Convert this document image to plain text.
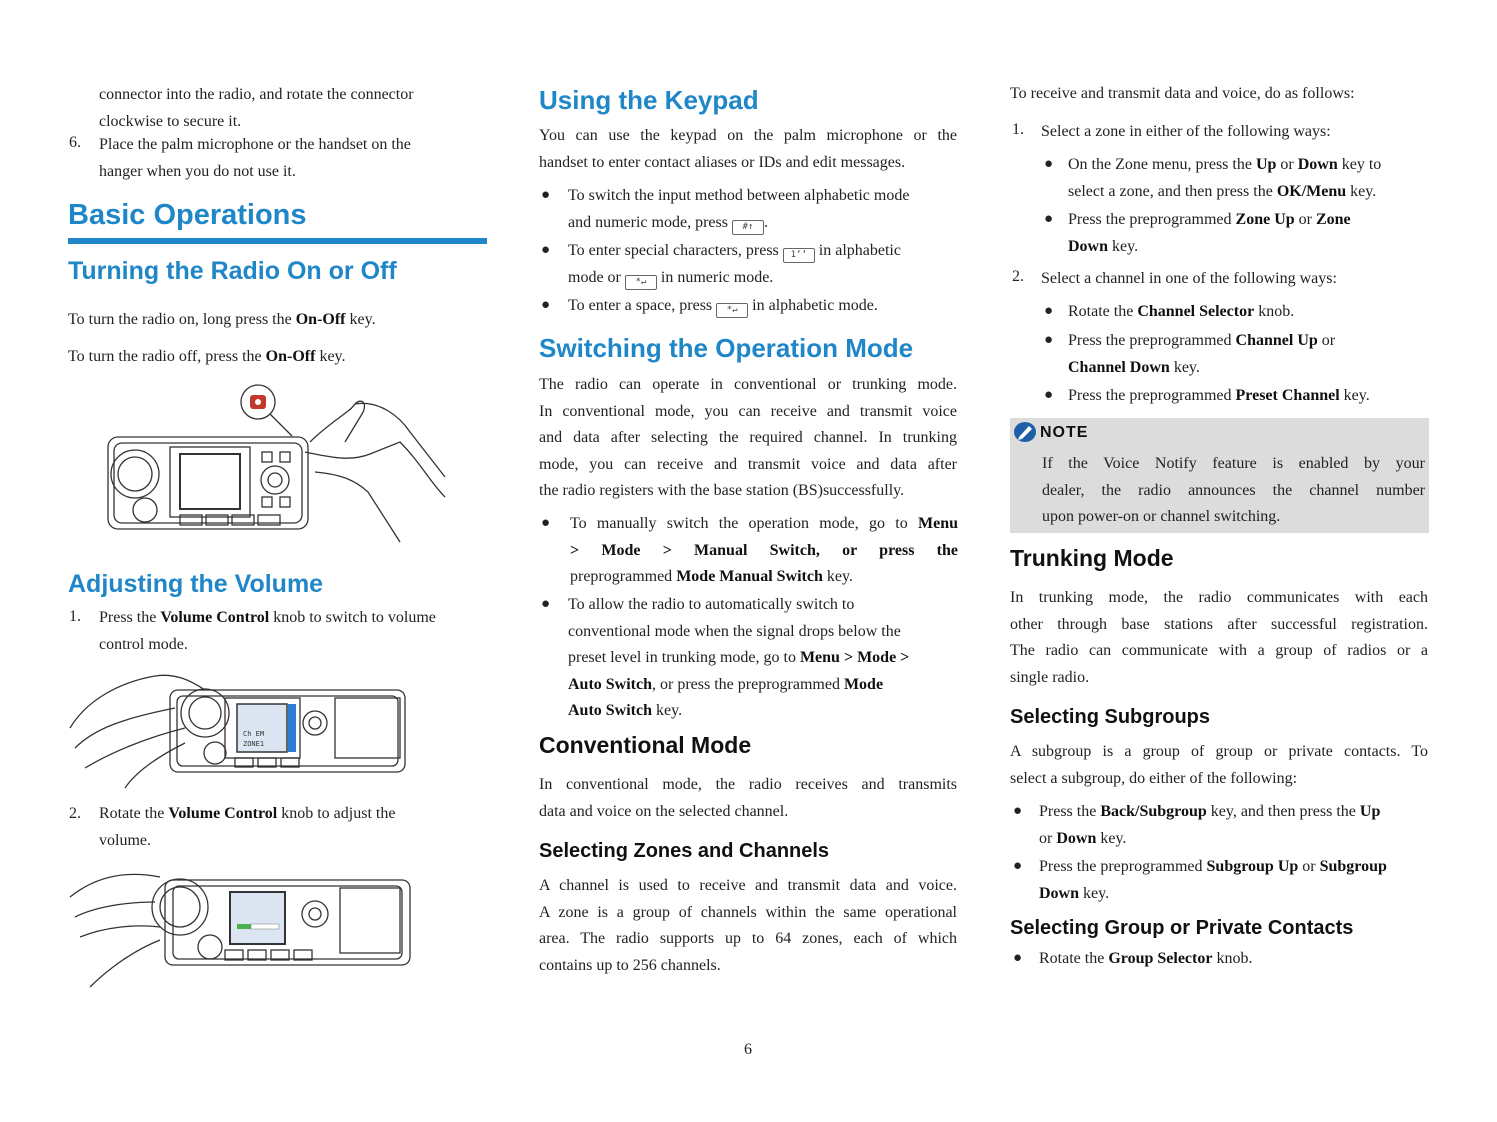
connector into the radio, and rotate the connector
clockwise to secure it.
6. Place the palm microphone or the handset on the
hanger when you do not use it.
Basic Operations
Turning the Radio On or Off
To turn the radio on, long press the On-Off key.
To turn the radio off, press the On-Off key.
Adjusting the Volume
1. Press the Volume Control knob to switch to volume
control mode.
Ch EM
ZONE1
2. Rotate the Volume Control knob to adjust the
volume.
Using the Keypad
You can use the keypad on the palm microphone or the
handset to enter contact aliases or IDs and edit messages.
● To switch the input method between alphabetic mode
and numeric mode, press #↑ .
● To enter special characters, press 1‘‘ in alphabetic
mode or *↵ in numeric mode.
● To enter a space, press *↵ in alphabetic mode.
Switching the Operation Mode
The radio can operate in conventional or trunking mode.
In conventional mode, you can receive and transmit voice
and data after selecting the required channel. In trunking
mode, you can receive and transmit voice and data after
the radio registers with the base station (BS)successfully.
● To manually switch the operation mode, go to Menu
> Mode > Manual Switch, or press the
preprogrammed Mode Manual Switch key.
● To allow the radio to automatically switch to
conventional mode when the signal drops below the
preset level in trunking mode, go to Menu > Mode >
Auto Switch, or press the preprogrammed Mode
Auto Switch key.
Conventional Mode
In conventional mode, the radio receives and transmits
data and voice on the selected channel.
Selecting Zones and Channels
A channel is used to receive and transmit data and voice.
A zone is a group of channels within the same operational
area. The radio supports up to 64 zones, each of which
contains up to 256 channels.
To receive and transmit data and voice, do as follows:
1. Select a zone in either of the following ways:
● On the Zone menu, press the Up or Down key to
select a zone, and then press the OK/Menu key.
● Press the preprogrammed Zone Up or Zone
Down key.
2. Select a channel in one of the following ways:
● Rotate the Channel Selector knob.
● Press the preprogrammed Channel Up or
Channel Down key.
● Press the preprogrammed Preset Channel key.
NOTE
If the Voice Notify feature is enabled by your
dealer, the radio announces the channel number
upon power-on or channel switching.
Trunking Mode
In trunking mode, the radio communicates with each
other through base stations after successful registration.
The radio can communicate with a group of radios or a
single radio.
Selecting Subgroups
A subgroup is a group of group or private contacts. To
select a subgroup, do either of the following:
● Press the Back/Subgroup key, and then press the Up
or Down key.
● Press the preprogrammed Subgroup Up or Subgroup
Down key.
Selecting Group or Private Contacts
● Rotate the Group Selector knob.
6
